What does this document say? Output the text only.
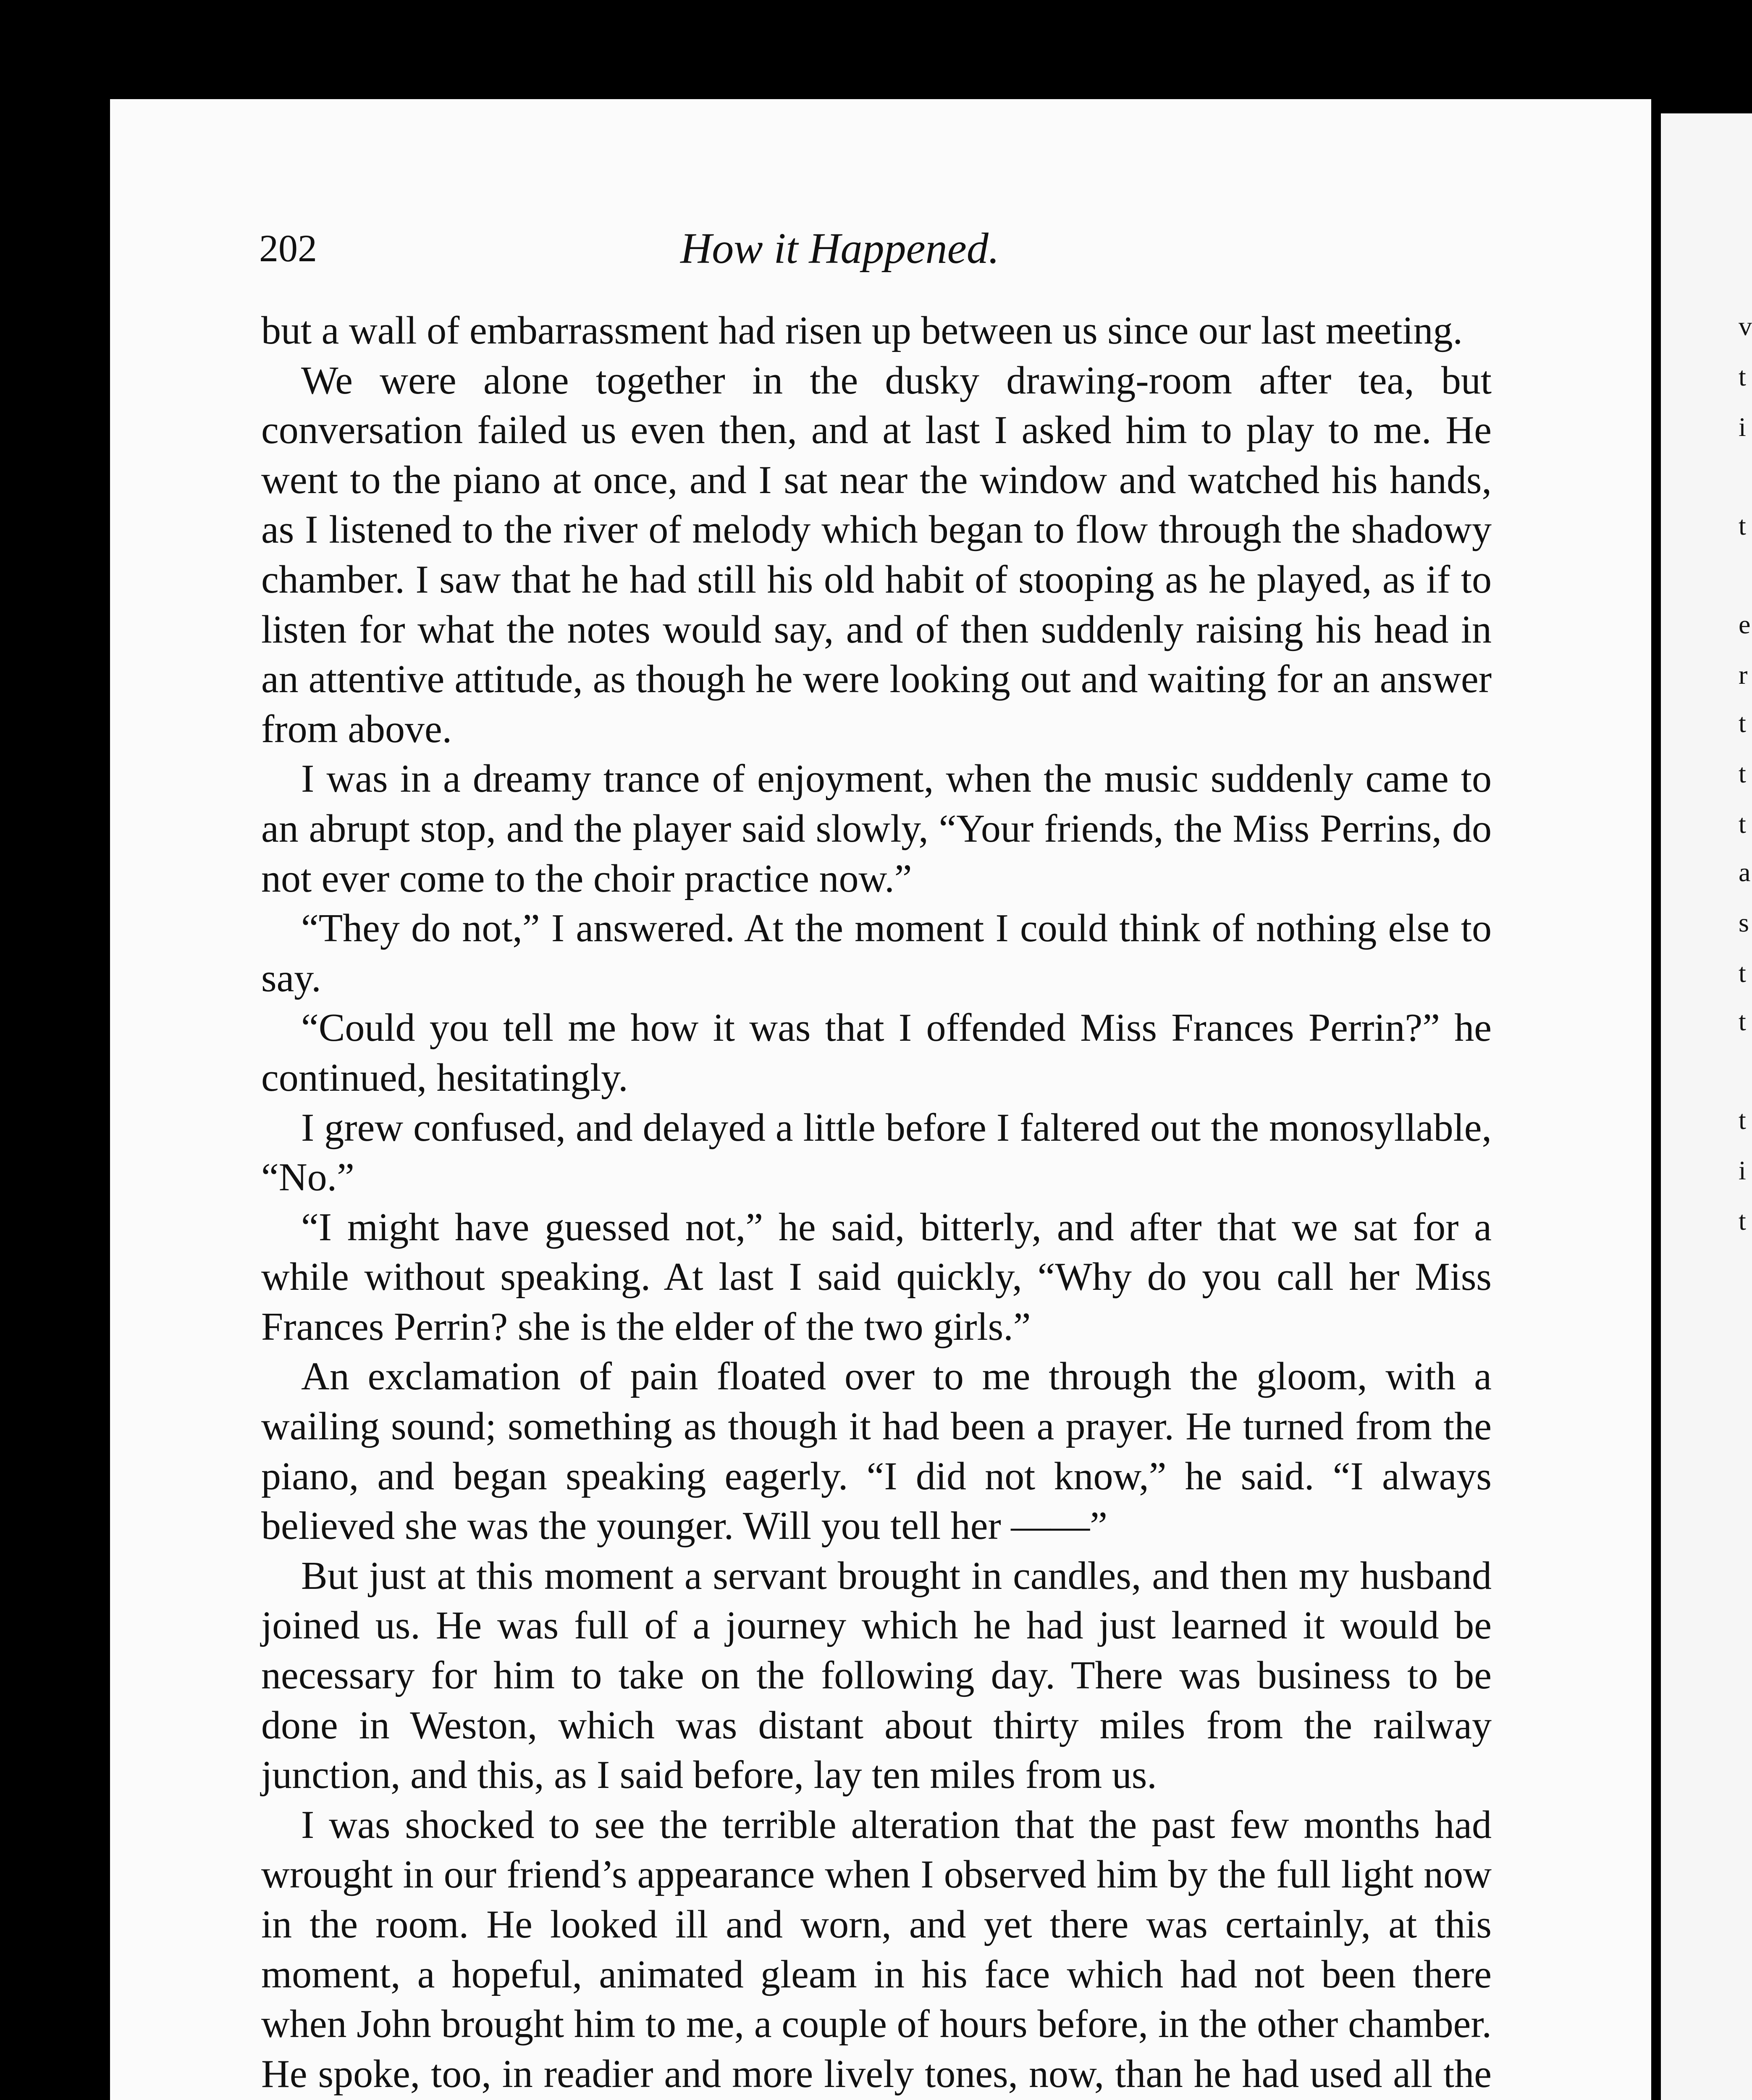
v
t
i
t
e
r
t
t
t
a
s
t
t
t
i
t
202	How it Happened.

but a wall of embarrassment had risen up between us since our last meeting.

We were alone together in the dusky drawing-room after tea, but conversation failed us even then, and at last I asked him to play to me. He went to the piano at once, and I sat near the window and watched his hands, as I listened to the river of melody which began to flow through the shadowy chamber. I saw that he had still his old habit of stooping as he played, as if to listen for what the notes would say, and of then suddenly raising his head in an attentive attitude, as though he were looking out and waiting for an answer from above.

I was in a dreamy trance of enjoyment, when the music suddenly came to an abrupt stop, and the player said slowly, “Your friends, the Miss Perrins, do not ever come to the choir practice now.”

“They do not,” I answered. At the moment I could think of nothing else to say.

“Could you tell me how it was that I offended Miss Frances Perrin?” he continued, hesitatingly.

I grew confused, and delayed a little before I faltered out the monosyllable, “No.”

“I might have guessed not,” he said, bitterly, and after that we sat for a while without speaking. At last I said quickly, “Why do you call her Miss Frances Perrin? she is the elder of the two girls.”

An exclamation of pain floated over to me through the gloom, with a wailing sound; something as though it had been a prayer. He turned from the piano, and began speaking eagerly. “I did not know,” he said. “I always believed she was the younger. Will you tell her ——”

But just at this moment a servant brought in candles, and then my husband joined us. He was full of a journey which he had just learned it would be necessary for him to take on the following day. There was business to be done in Weston, which was distant about thirty miles from the railway junction, and this, as I said before, lay ten miles from us.

I was shocked to see the terrible alteration that the past few months had wrought in our friend’s appearance when I observed him by the full light now in the room. He looked ill and worn, and yet there was certainly, at this moment, a hopeful, animated gleam in his face which had not been there when John brought him to me, a couple of hours before, in the other chamber. He spoke, too, in readier and more lively tones, now, than he had used all the
